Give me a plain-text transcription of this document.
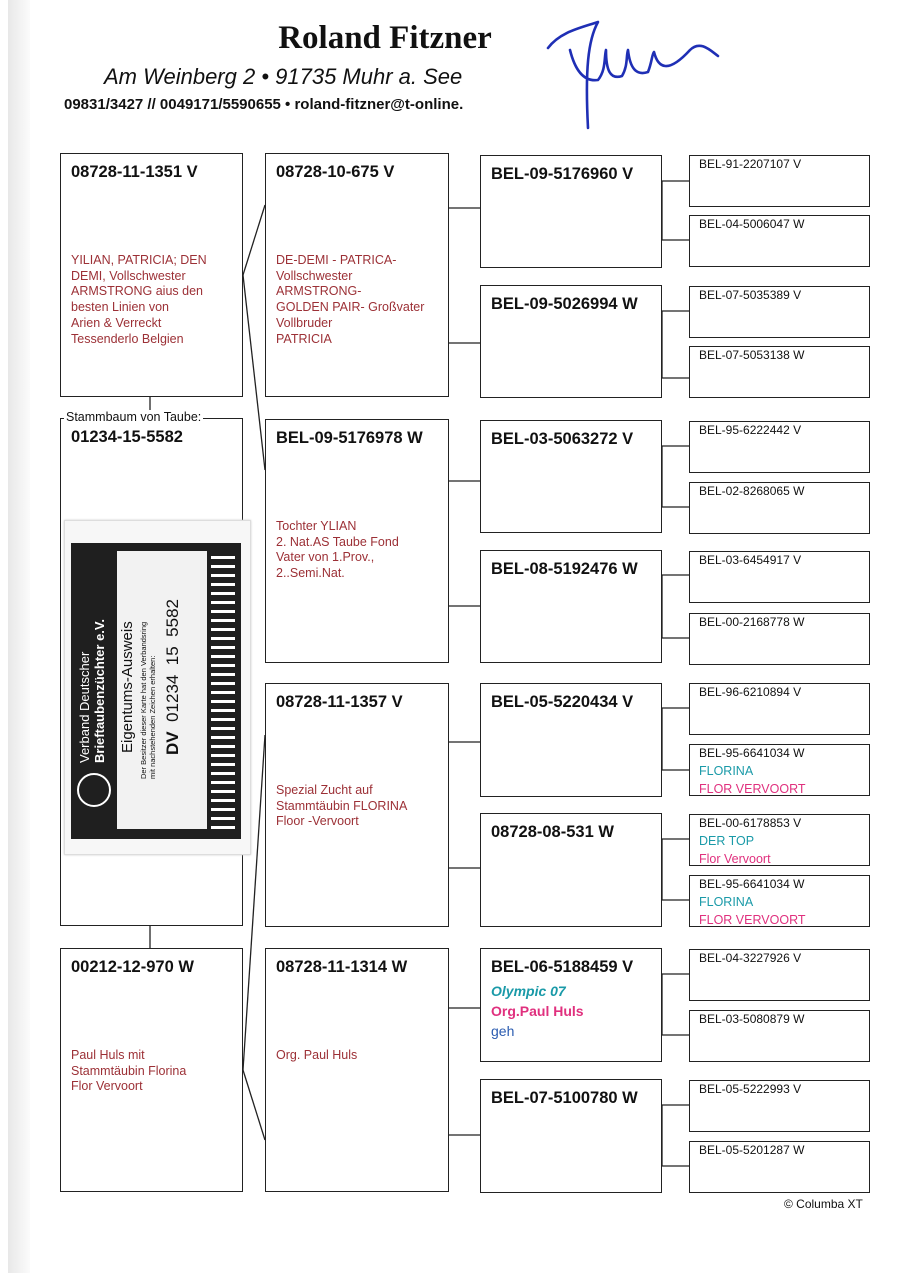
Roland Fitzner
Am Weinberg 2 • 91735 Muhr a. See
09831/3427 // 0049171/5590655 • roland-fitzner@t-online.
08728-11-1351 V
YILIAN, PATRICIA; DEN
DEMI, Vollschwester
ARMSTRONG aius den
besten Linien von
Arien & Verreckt
Tessenderlo Belgien
01234-15-5582
Stammbaum von Taube:
00212-12-970 W
Paul Huls mit
Stammtäubin Florina
Flor Vervoort
Verband Deutscher Brieftaubenzüchter e.V. Eigentums-Ausweis Der Besitzer dieser Karte hat den Verbandsring mit nachstehenden Zeichen erhalten: DV  01234  15  5582
08728-10-675 V
DE-DEMI - PATRICA-
Vollschwester
ARMSTRONG-
GOLDEN PAIR- Großvater
Vollbruder
PATRICIA
BEL-09-5176978 W
Tochter YLIAN
2. Nat.AS Taube Fond
Vater von 1.Prov.,
2..Semi.Nat.
08728-11-1357 V
Spezial Zucht auf
Stammtäubin FLORINA
Floor -Vervoort
08728-11-1314 W
Org. Paul Huls
BEL-09-5176960 V
BEL-09-5026994 W
BEL-03-5063272 V
BEL-08-5192476 W
BEL-05-5220434 V
08728-08-531 W
BEL-06-5188459 V
Olympic 07
Org.Paul Huls
geh
BEL-07-5100780 W
BEL-91-2207107 V
BEL-04-5006047 W
BEL-07-5035389 V
BEL-07-5053138 W
BEL-95-6222442 V
BEL-02-8268065 W
BEL-03-6454917 V
BEL-00-2168778 W
BEL-96-6210894 V
BEL-95-6641034 W
FLORINA
FLOR VERVOORT
BEL-00-6178853 V
DER TOP
Flor Vervoort
BEL-95-6641034 W
FLORINA
FLOR VERVOORT
BEL-04-3227926 V
BEL-03-5080879 W
BEL-05-5222993 V
BEL-05-5201287 W
© Columba XT
